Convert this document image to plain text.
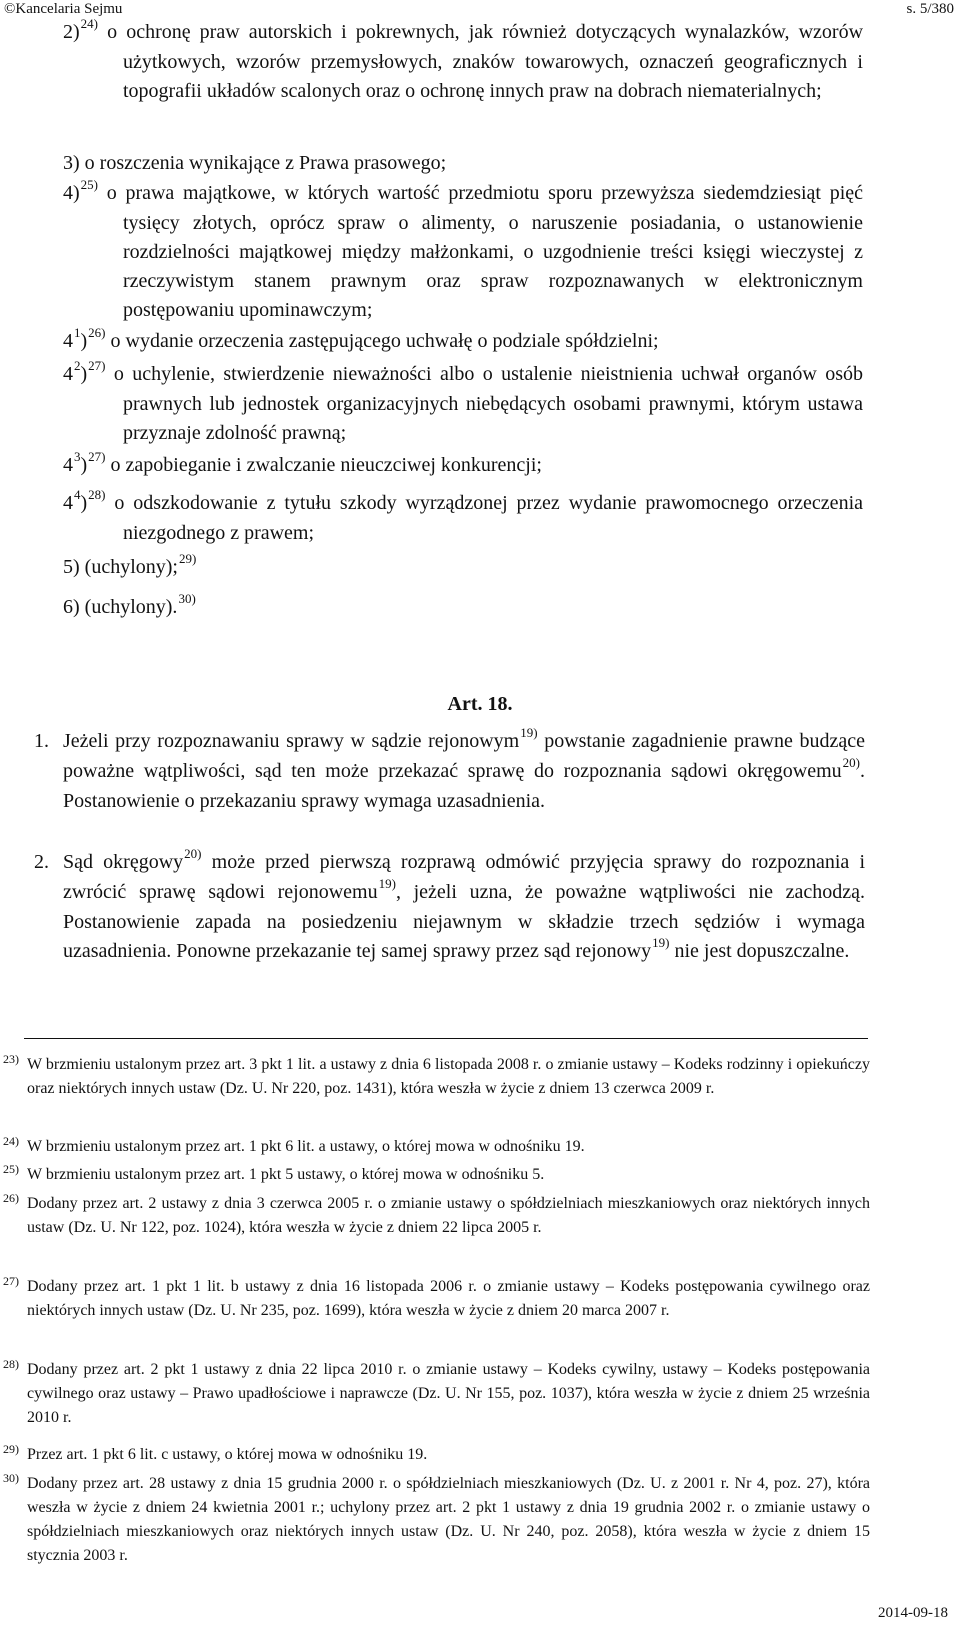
©Kancelaria Sejmu	s. 5/380
2)$^{24)}$ o ochronę praw autorskich i pokrewnych, jak również dotyczących wynalazków, wzorów użytkowych, wzorów przemysłowych, znaków towarowych, oznaczeń geograficznych i topografii układów scalonych oraz o ochronę innych praw na dobrach niematerialnych;
3) o roszczenia wynikające z Prawa prasowego;
4)$^{25)}$ o prawa majątkowe, w których wartość przedmiotu sporu przewyższa siedemdziesiąt pięć tysięcy złotych, oprócz spraw o alimenty, o naruszenie posiadania, o ustanowienie rozdzielności majątkowej między małżonkami, o uzgodnienie treści księgi wieczystej z rzeczywistym stanem prawnym oraz spraw rozpoznawanych w elektronicznym postępowaniu upominawczym;
$4^1)^{26)}$ o wydanie orzeczenia zastępującego uchwałę o podziale spółdzielni;
$4^2)^{27)}$ o uchylenie, stwierdzenie nieważności albo o ustalenie nieistnienia uchwał organów osób prawnych lub jednostek organizacyjnych niebędących osobami prawnymi, którym ustawa przyznaje zdolność prawną;
$4^3)^{27)}$ o zapobieganie i zwalczanie nieuczciwej konkurencji;
$4^4)^{28)}$ o odszkodowanie z tytułu szkody wyrządzonej przez wydanie prawomocnego orzeczenia niezgodnego z prawem;
5) (uchylony);$^{29)}$
6) (uchylony).$^{30)}$
Art. 18.
1. Jeżeli przy rozpoznawaniu sprawy w sądzie rejonowym$^{19)}$ powstanie zagadnienie prawne budzące poważne wątpliwości, sąd ten może przekazać sprawę do rozpoznania sądowi okręgowemu$^{20)}$. Postanowienie o przekazaniu sprawy wymaga uzasadnienia.
2. Sąd okręgowy$^{20)}$ może przed pierwszą rozprawą odmówić przyjęcia sprawy do rozpoznania i zwrócić sprawę sądowi rejonowemu$^{19)}$, jeżeli uzna, że poważne wątpliwości nie zachodzą. Postanowienie zapada na posiedzeniu niejawnym w składzie trzech sędziów i wymaga uzasadnienia. Ponowne przekazanie tej samej sprawy przez sąd rejonowy$^{19)}$ nie jest dopuszczalne.
23) W brzmieniu ustalonym przez art. 3 pkt 1 lit. a ustawy z dnia 6 listopada 2008 r. o zmianie ustawy – Kodeks rodzinny i opiekuńczy oraz niektórych innych ustaw (Dz. U. Nr 220, poz. 1431), która weszła w życie z dniem 13 czerwca 2009 r.
24) W brzmieniu ustalonym przez art. 1 pkt 6 lit. a ustawy, o której mowa w odnośniku 19.
25) W brzmieniu ustalonym przez art. 1 pkt 5 ustawy, o której mowa w odnośniku 5.
26) Dodany przez art. 2 ustawy z dnia 3 czerwca 2005 r. o zmianie ustawy o spółdzielniach mieszkaniowych oraz niektórych innych ustaw (Dz. U. Nr 122, poz. 1024), która weszła w życie z dniem 22 lipca 2005 r.
27) Dodany przez art. 1 pkt 1 lit. b ustawy z dnia 16 listopada 2006 r. o zmianie ustawy – Kodeks postępowania cywilnego oraz niektórych innych ustaw (Dz. U. Nr 235, poz. 1699), która weszła w życie z dniem 20 marca 2007 r.
28) Dodany przez art. 2 pkt 1 ustawy z dnia 22 lipca 2010 r. o zmianie ustawy – Kodeks cywilny, ustawy – Kodeks postępowania cywilnego oraz ustawy – Prawo upadłościowe i naprawcze (Dz. U. Nr 155, poz. 1037), która weszła w życie z dniem 25 września 2010 r.
29) Przez art. 1 pkt 6 lit. c ustawy, o której mowa w odnośniku 19.
30) Dodany przez art. 28 ustawy z dnia 15 grudnia 2000 r. o spółdzielniach mieszkaniowych (Dz. U. z 2001 r. Nr 4, poz. 27), która weszła w życie z dniem 24 kwietnia 2001 r.; uchylony przez art. 2 pkt 1 ustawy z dnia 19 grudnia 2002 r. o zmianie ustawy o spółdzielniach mieszkaniowych oraz niektórych innych ustaw (Dz. U. Nr 240, poz. 2058), która weszła w życie z dniem 15 stycznia 2003 r.
2014-09-18
